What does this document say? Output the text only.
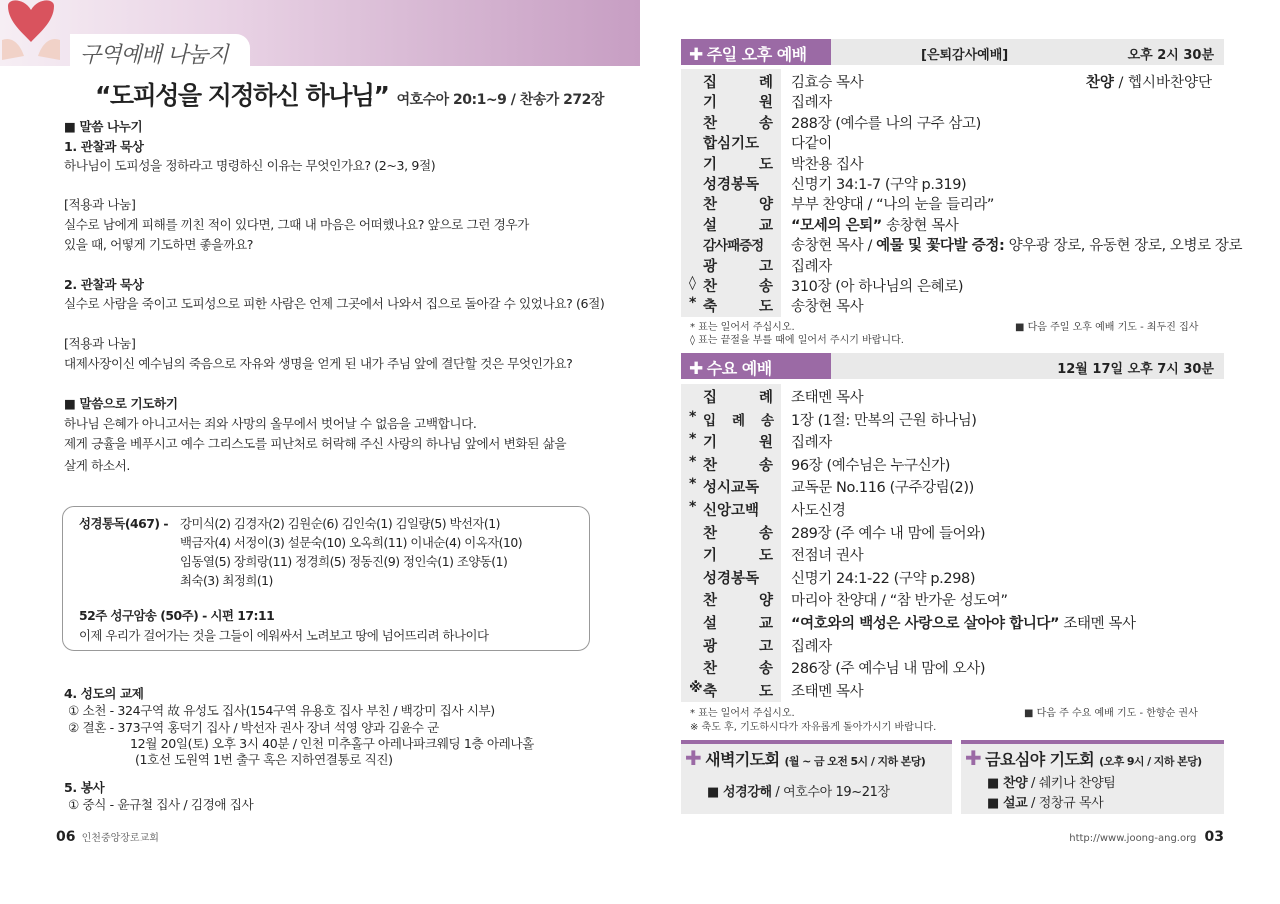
구역예배 나눔지
“도피성을 지정하신 하나님” 여호수아 20:1~9 / 찬송가 272장
■ 말씀 나누기
1. 관찰과 묵상
하나님이 도피성을 정하라고 명령하신 이유는 무엇인가요? (2~3, 9절)
[적용과 나눔]
실수로 남에게 피해를 끼친 적이 있다면, 그때 내 마음은 어떠했나요? 앞으로 그런 경우가
있을 때, 어떻게 기도하면 좋을까요?
2. 관찰과 묵상
실수로 사람을 죽이고 도피성으로 피한 사람은 언제 그곳에서 나와서 집으로 돌아갈 수 있었나요? (6절)
[적용과 나눔]
대제사장이신 예수님의 죽음으로 자유와 생명을 얻게 된 내가 주님 앞에 결단할 것은 무엇인가요?
■ 말씀으로 기도하기
하나님 은혜가 아니고서는 죄와 사망의 올무에서 벗어날 수 없음을 고백합니다.
제게 긍휼을 베푸시고 예수 그리스도를 피난처로 허락해 주신 사랑의 하나님 앞에서 변화된 삶을
살게 하소서.
성경통독(467) - 강미식(2) 김경자(2) 김원순(6) 김인숙(1) 김일량(5) 박선자(1)
백금자(4) 서정이(3) 설문숙(10) 오옥희(11) 이내순(4) 이옥자(10)
임동열(5) 장희랑(11) 정경희(5) 정동진(9) 정인숙(1) 조양동(1)
최숙(3) 최정희(1)
52주 성구암송 (50주) - 시편 17:11
이제 우리가 걸어가는 것을 그들이 에워싸서 노려보고 땅에 넘어뜨리려 하나이다
4. 성도의 교제
① 소천 - 324구역 故 유성도 집사(154구역 유용호 집사 부친 / 백강미 집사 시부)
② 결혼 - 373구역 홍덕기 집사 / 박선자 권사 장녀 석영 양과 김윤수 군
12월 20일(토) 오후 3시 40분 / 인천 미추홀구 아레나파크웨딩 1층 아레나홀
(1호선 도원역 1번 출구 혹은 지하연결통로 직진)
5. 봉사
① 중식 - 윤규철 집사 / 김경애 집사
06 인천중앙장로교회
✚ 주일 오후 예배	[은퇴감사예배]	오후 2시 30분
집 례 김효승 목사	찬양 / 헵시바찬양단
기 원 집례자
찬 송 288장 (예수를 나의 구주 삼고)
합심기도	다같이
기 도 박찬용 집사
성경봉독	신명기 34:1-7 (구약 p.319)
찬 양 부부 찬양대 / “나의 눈을 들리라”
설 교 “모세의 은퇴” 송창현 목사
감사패증정	송창현 목사 / 예물 및 꽃다발 증정: 양우광 장로, 유동현 장로, 오병로 장로
광 고 집례자
◊ 찬 송 310장 (아 하나님의 은혜로)
* 축 도 송창현 목사
* 표는 일어서 주십시오.
◊ 표는 끝절을 부를 때에 일어서 주시기 바랍니다.
■ 다음 주일 오후 예배 기도 - 최두진 집사
✚ 수요 예배	12월 17일 오후 7시 30분
집 례 조태멘 목사
* 입 례 송 1장 (1절: 만복의 근원 하나님)
* 기 원 집례자
* 찬 송 96장 (예수님은 누구신가)
* 성시교독	교독문 No.116 (구주강림(2))
* 신앙고백	사도신경
찬 송 289장 (주 예수 내 맘에 들어와)
기 도 전점녀 권사
성경봉독	신명기 24:1-22 (구약 p.298)
찬 양 마리아 찬양대 / “참 반가운 성도여”
설 교 “여호와의 백성은 사랑으로 살아야 합니다” 조태멘 목사
광 고 집례자
찬 송 286장 (주 예수님 내 맘에 오사)
※ 축 도 조태멘 목사
* 표는 일어서 주십시오.
※ 축도 후, 기도하시다가 자유롭게 돌아가시기 바랍니다.
■ 다음 주 수요 예배 기도 - 한향순 권사
✚ 새벽기도회 (월 ~ 금 오전 5시 / 지하 본당)
■ 성경강해 / 여호수아 19~21장
✚ 금요심야 기도회 (오후 9시 / 지하 본당)
■ 찬양 / 쉐키나 찬양팀
■ 설교 / 정창규 목사
http://www.joong-ang.org 03
